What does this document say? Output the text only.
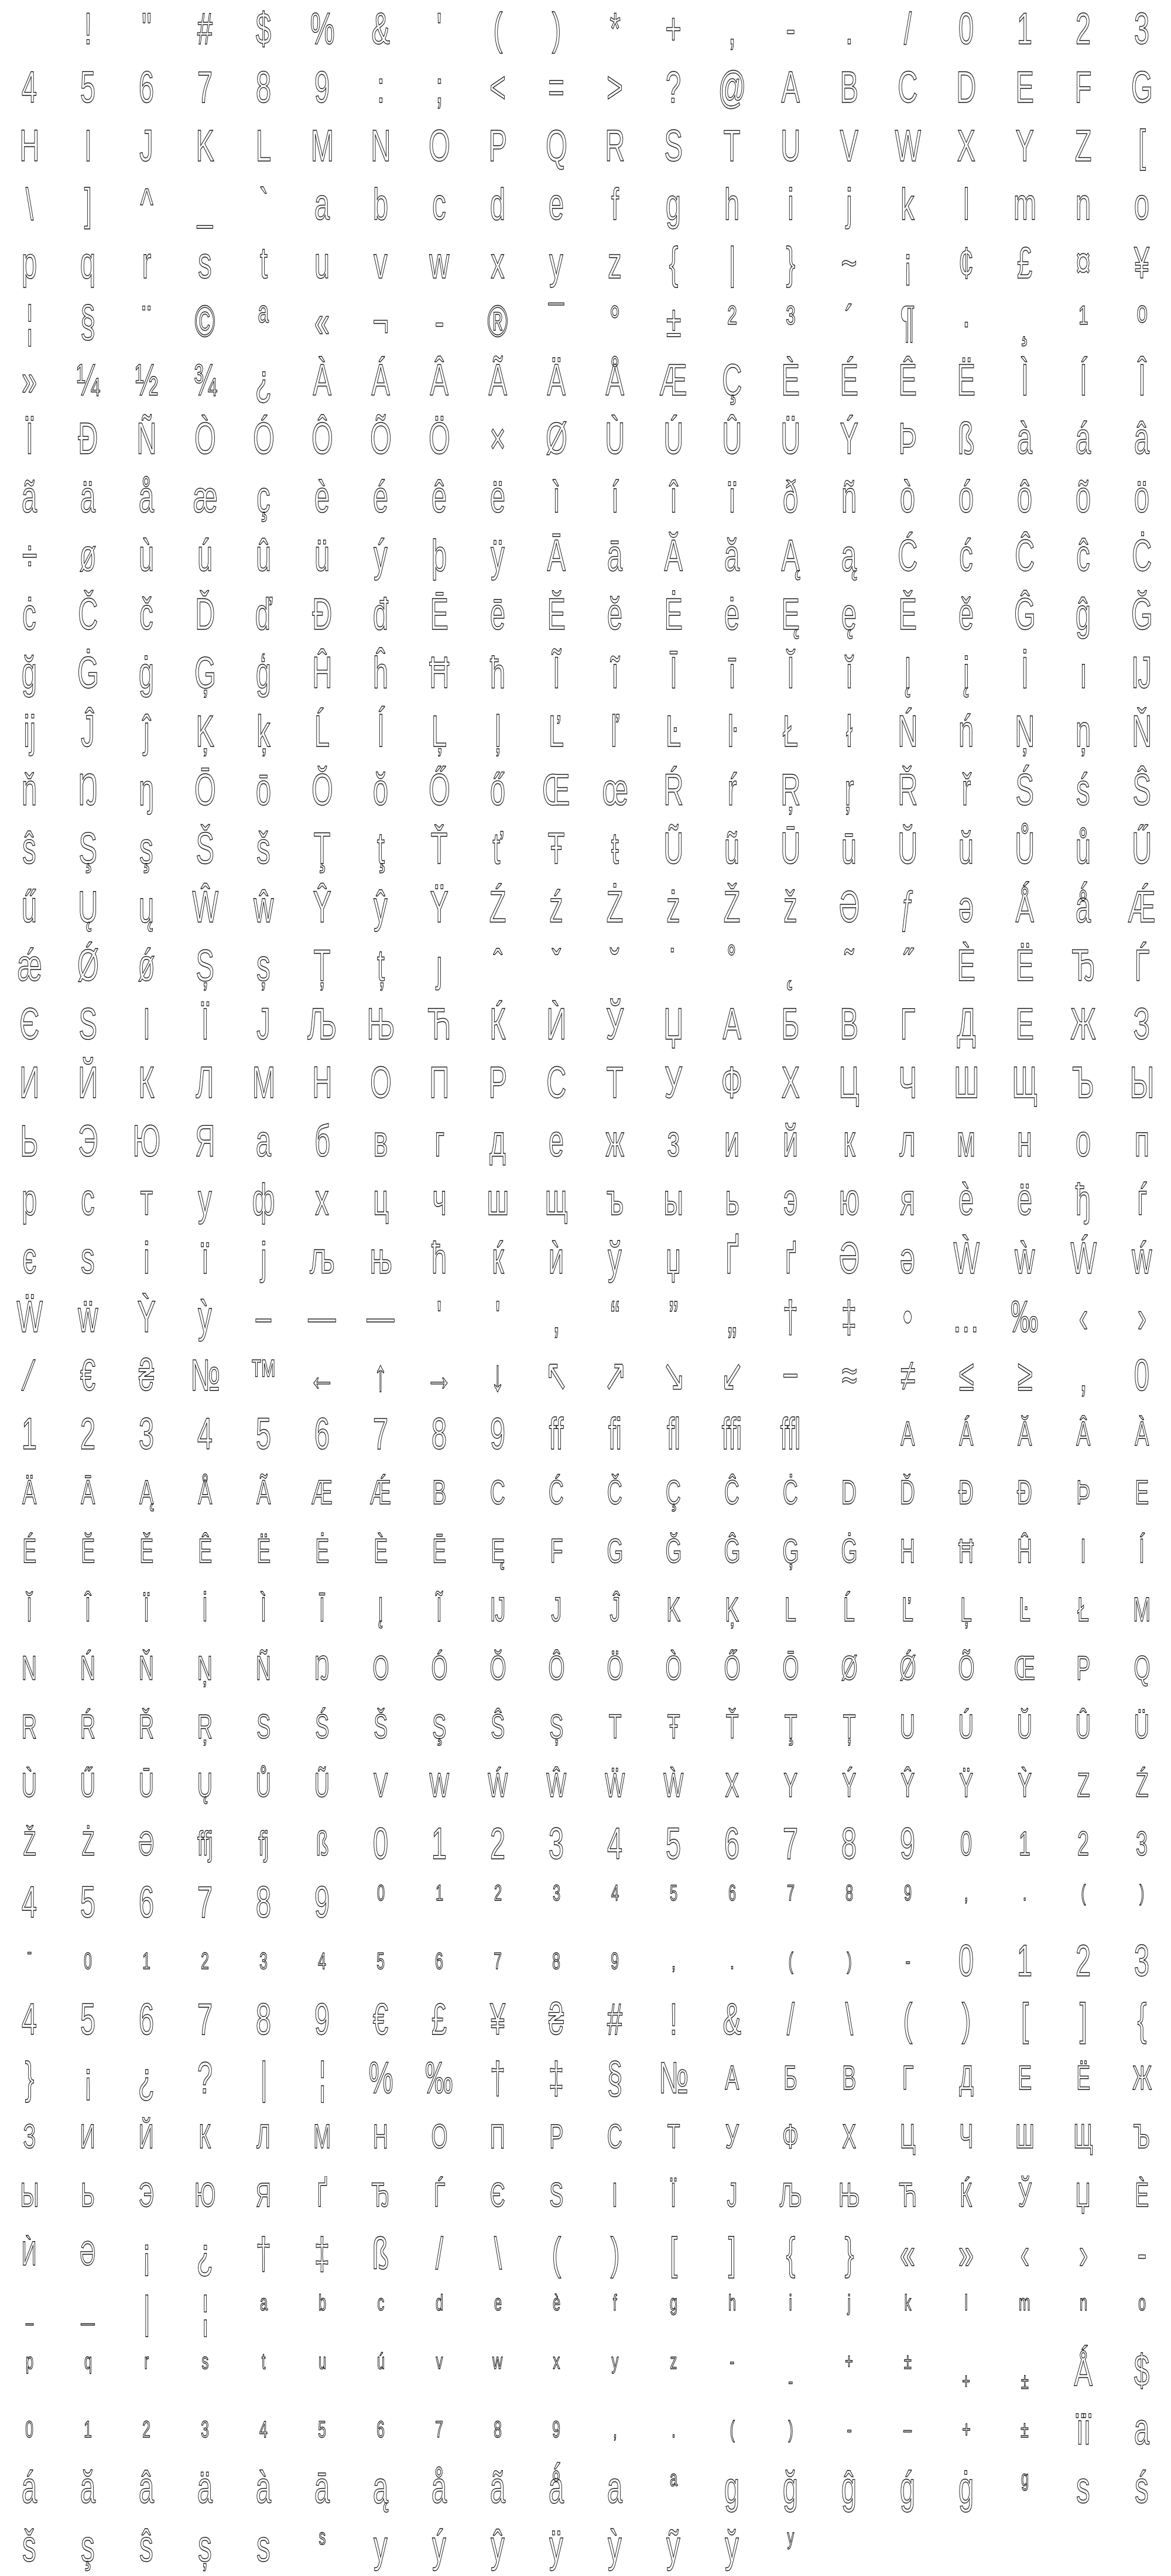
! " # $ % & ' ( ) * + , - . / 0 1 2 3
4 5 6 7 8 9 : ; < = > ? @ A B C D E F G
H I J K L M N O P Q R S T U V W X Y Z [
\ ] ^ _ ` a b c d e f g h i j k l m n o
p q r s t u v w x y z { | } ~ ¡ ¢ £ ¤ ¥
¦ § ¨ © ª « ¬ - ® ¯ ° ± ² ³ ´ ¶ · ¸ ¹ º
» ¼ ½ ¾ ¿ À Á Â Ã Ä Å Æ Ç È É Ê Ë Ì Í Î
Ï Ð Ñ Ò Ó Ô Õ Ö × Ø Ù Ú Û Ü Ý Þ ß à á â
ã ä å æ ç è é ê ë ì í î ï ð ñ ò ó ô õ ö
÷ ø ù ú û ü ý þ ÿ Ā ā Ă ă Ą ą Ć ć Ĉ ĉ Ċ
ċ Č č Ď ď Đ đ Ē ē Ĕ ĕ Ė ė Ę ę Ě ě Ĝ ĝ Ğ
ğ Ġ ġ Ģ ģ Ĥ ĥ Ħ ħ Ĩ ĩ Ī ī Ĭ ĭ Į į İ ı Ĳ
ĳ Ĵ ĵ Ķ ķ Ĺ ĺ Ļ ļ Ľ ľ Ŀ ŀ Ł ł Ń ń Ņ ņ Ň
ň Ŋ ŋ Ō ō Ŏ ŏ Ő ő Œ œ Ŕ ŕ Ŗ ŗ Ř ř Ś ś Ŝ
ŝ Ş ş Š š Ţ ţ Ť ť Ŧ ŧ Ũ ũ Ū ū Ŭ ŭ Ů ů Ű
ű Ų ų Ŵ ŵ Ŷ ŷ Ÿ Ź ź Ż ż Ž ž Ə ƒ ə Ǻ ǻ Ǽ
ǽ Ǿ ǿ Ș ș Ț ț ȷ ˆ ˇ ˘ ˙ ˚ ˛ ˜ ˝ Ѐ Ё Ђ Ѓ
Є Ѕ І Ї Ј Љ Њ Ћ Ќ Ѝ Ў Џ А Б В Г Д Е Ж З
И Й К Л М Н О П Р С Т У Ф Х Ц Ч Ш Щ Ъ Ы
Ь Э Ю Я а б в г д е ж з и й к л м н о п
р с т у ф х ц ч ш щ ъ ы ь э ю я ѐ ё ђ ѓ
є ѕ і ї ј љ њ ћ ќ ѝ ў џ Ґ ґ Ә ә Ẁ ẁ Ẃ ẃ
Ẅ ẅ Ỳ ỳ – — ― ' ' ‚ “ ” „ † ‡ • … ‰ ‹ ›
⁄ € ₴ № ™ ← ↑ → ↓ ↖ ↗ ↘ ↙ − ≈ ≠ ≤ ≥ , 0
1 2 3 4 5 6 7 8 9 ff fi fl ffi ffl	A Á Ă Â À
Ä Ā Ą Å Ã Æ Ǽ B C Ć Č Ç Ĉ Ċ D Ď Đ Ð Þ E
É Ĕ Ě Ê Ë Ė È Ē Ę F G Ğ Ĝ Ģ Ġ H Ħ Ĥ I Í
Ĭ Î Ï İ Ì Ī Į Ĩ Ĳ J Ĵ K Ķ L Ĺ Ľ Ļ Ŀ Ł M
N Ń Ň Ņ Ñ Ŋ O Ó Ŏ Ô Ö Ò Ő Ō Ø Ǿ Õ Œ P Q
R Ŕ Ř Ŗ S Ś Š Ş Ŝ Ș T Ŧ Ť Ţ Ț U Ú Ŭ Û Ü
Ù Ű Ū Ų Ů Ũ V W Ẃ Ŵ Ẅ Ẁ X Y Ý Ŷ Ÿ Ỳ Z Ź
Ž Ż Ə ffj fj ß 0 1 2 3 4 5 6 7 8 9 0 1 2 3
4 5 6 7 8 9 0 1 2 3 4 5 6 7 8 9 , . ( )
- 0 1 2 3 4 5 6 7 8 9 , . ( ) - 0 1 2 3
4 5 6 7 8 9 € £ ¥ ₴ # ! & / \ ( ) [ ] {
} ¡ ¿ ? | ¦ % ‰ † ‡ § № А Б В Г Д Е Ё Ж
З И Й К Л М Н О П Р С Т У Ф Х Ц Ч Ш Щ Ъ
Ы Ь Э Ю Я Ґ Ђ Ѓ Є Ѕ І Ї Ј Љ Њ Ћ Ќ Ў Џ Ѐ
Ѝ Ә ¡ ¿ † ‡ ß / \ ( ) [ ] { } « » ‹ › -
– — | ¦ a b c d e è f g h i	j k l m n o
p q r s t u ú v w x y z -
-
+ ±
+ ± Ǻ $
0 1 2 3 4 5 6 7 8 9 , . ( ) - – + ± ïï a
á ă â ä à ā ą å ã ǻ a a g ğ ĝ ǵ ġ g s ś
š ş ŝ ș s s y ý ŷ ÿ ỳ ỹ y̆ y
